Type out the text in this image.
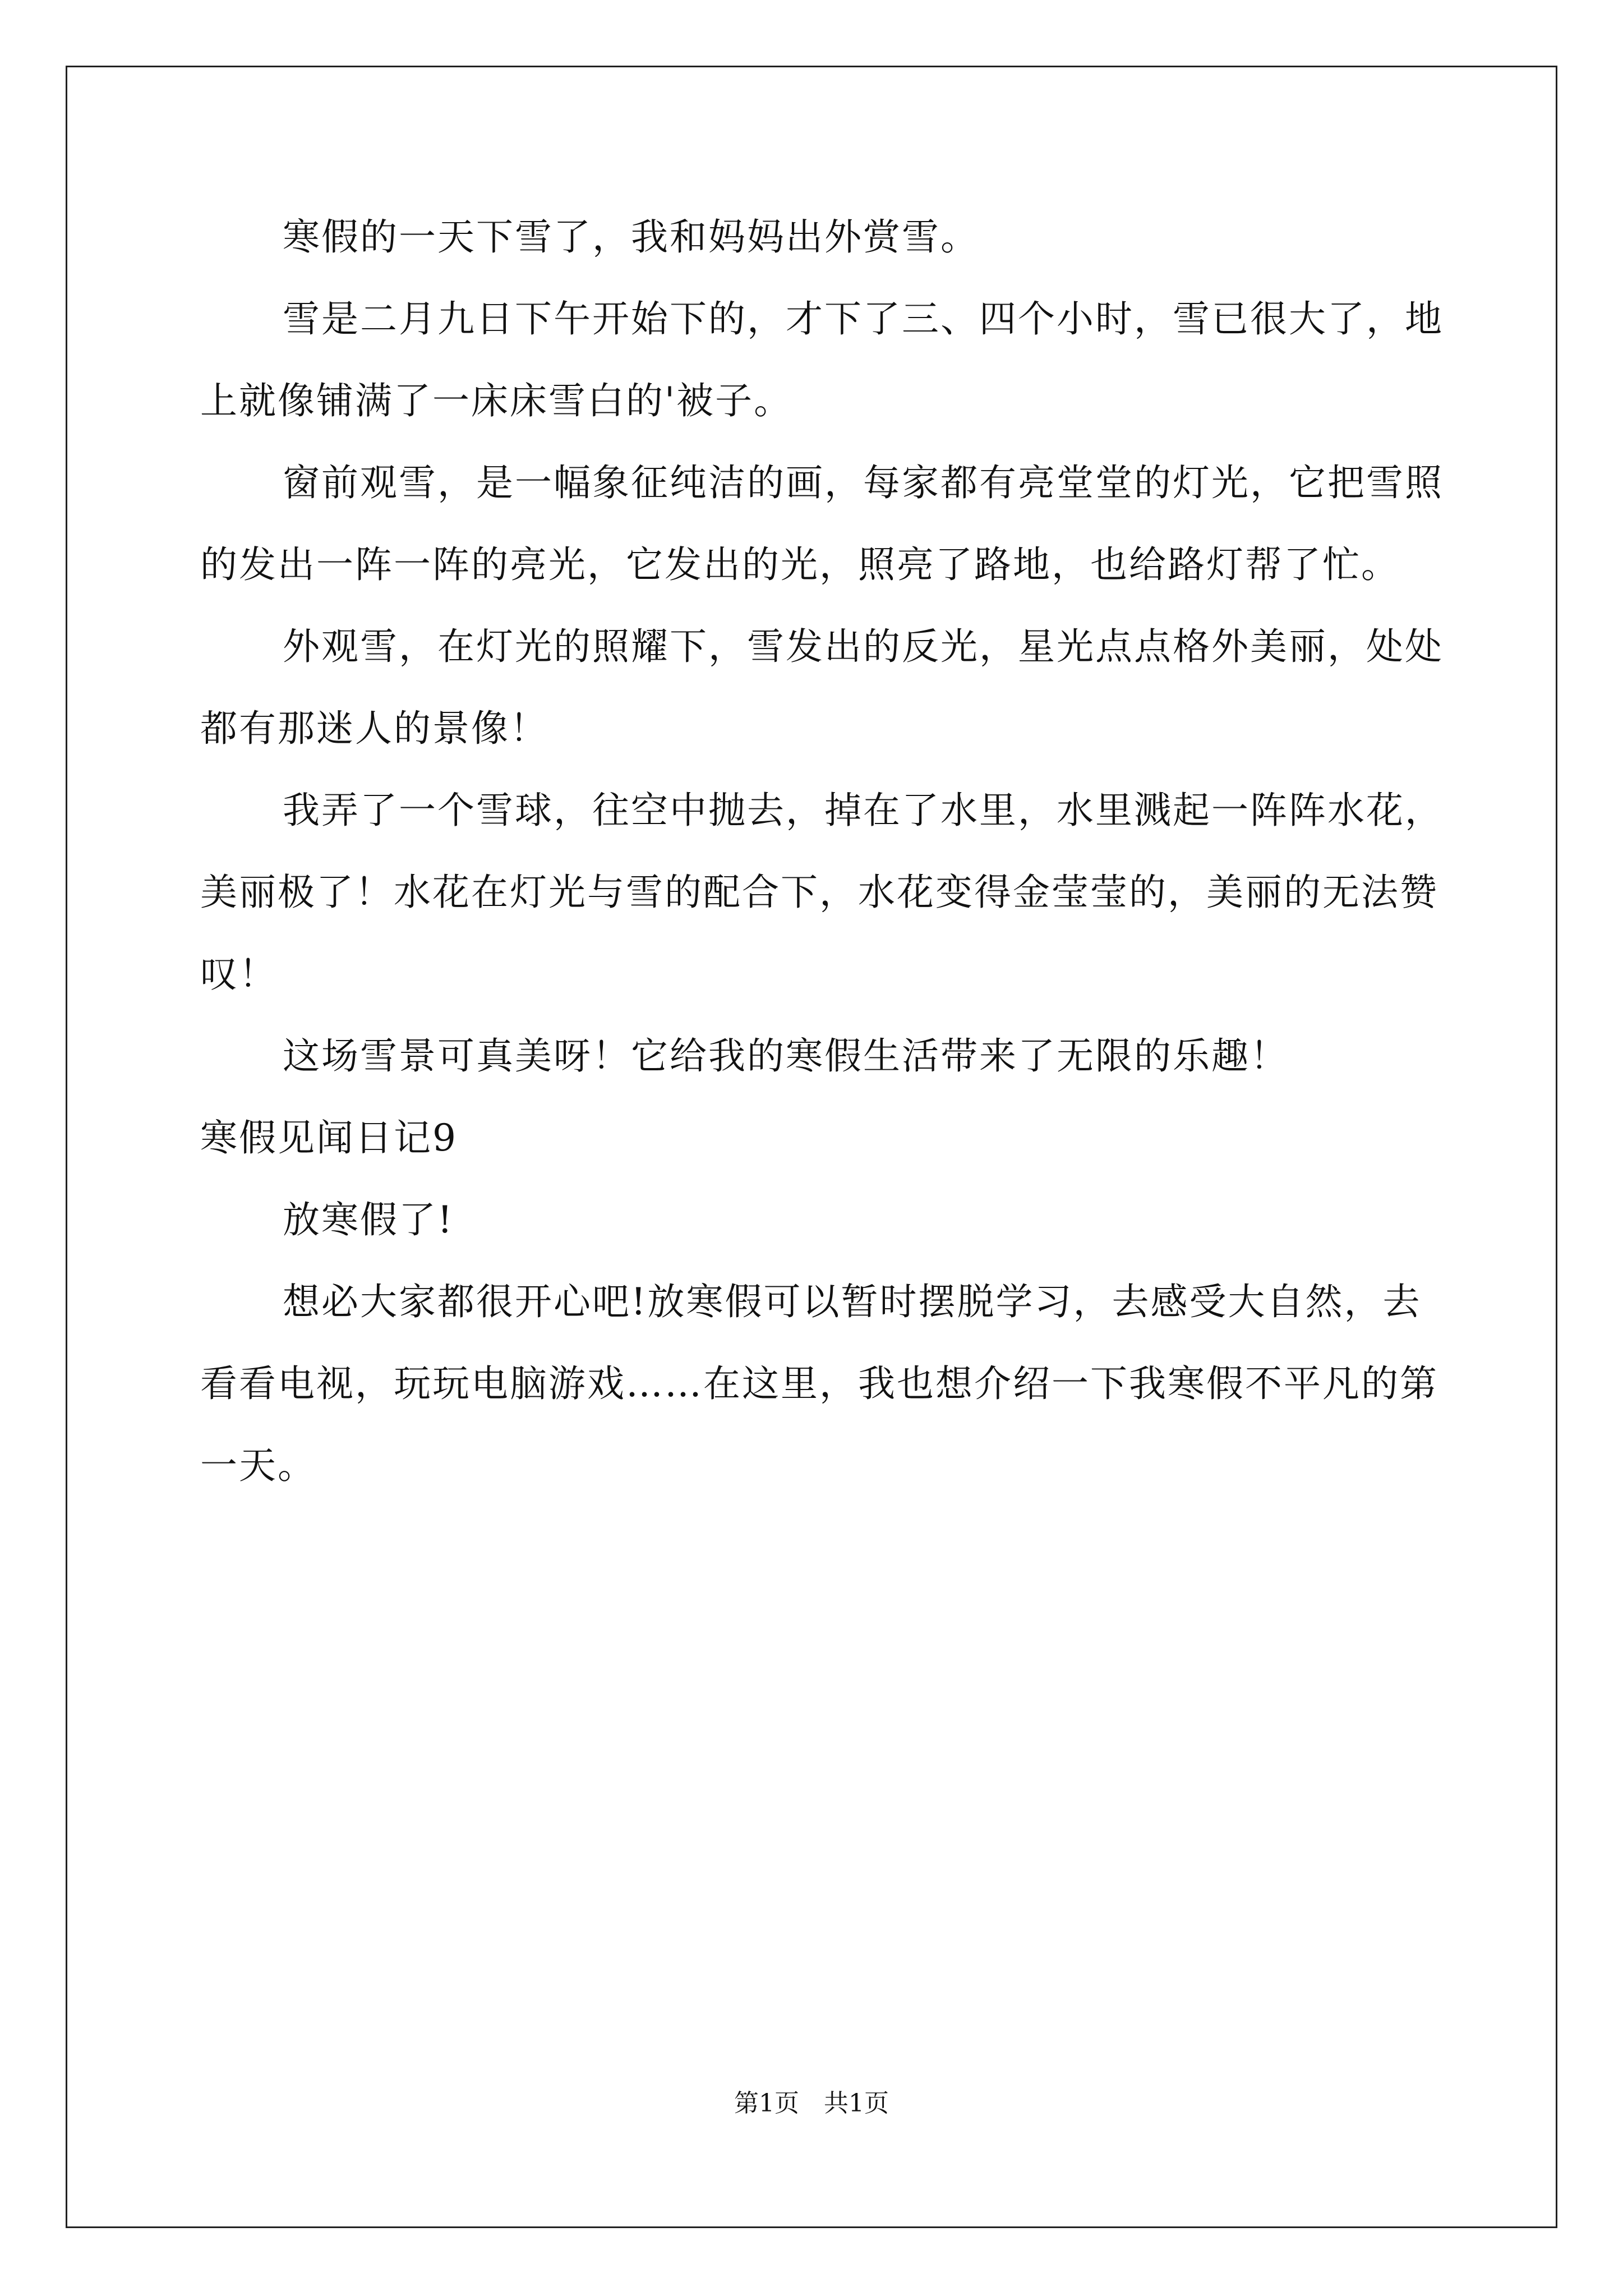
寒假的一天下雪了，我和妈妈出外赏雪。

雪是二月九日下午开始下的，才下了三、四个小时，雪已很大了，地上就像铺满了一床床雪白的'被子。

窗前观雪，是一幅象征纯洁的画，每家都有亮堂堂的灯光，它把雪照的发出一阵一阵的亮光，它发出的光，照亮了路地，也给路灯帮了忙。

外观雪，在灯光的照耀下，雪发出的反光，星光点点格外美丽，处处都有那迷人的景像！

我弄了一个雪球，往空中抛去，掉在了水里，水里溅起一阵阵水花，美丽极了！水花在灯光与雪的配合下，水花变得金莹莹的，美丽的无法赞叹！

这场雪景可真美呀！它给我的寒假生活带来了无限的乐趣！

寒假见闻日记9

放寒假了!

想必大家都很开心吧!放寒假可以暂时摆脱学习，去感受大自然，去看看电视，玩玩电脑游戏……在这里，我也想介绍一下我寒假不平凡的第一天。

第1页　共1页
